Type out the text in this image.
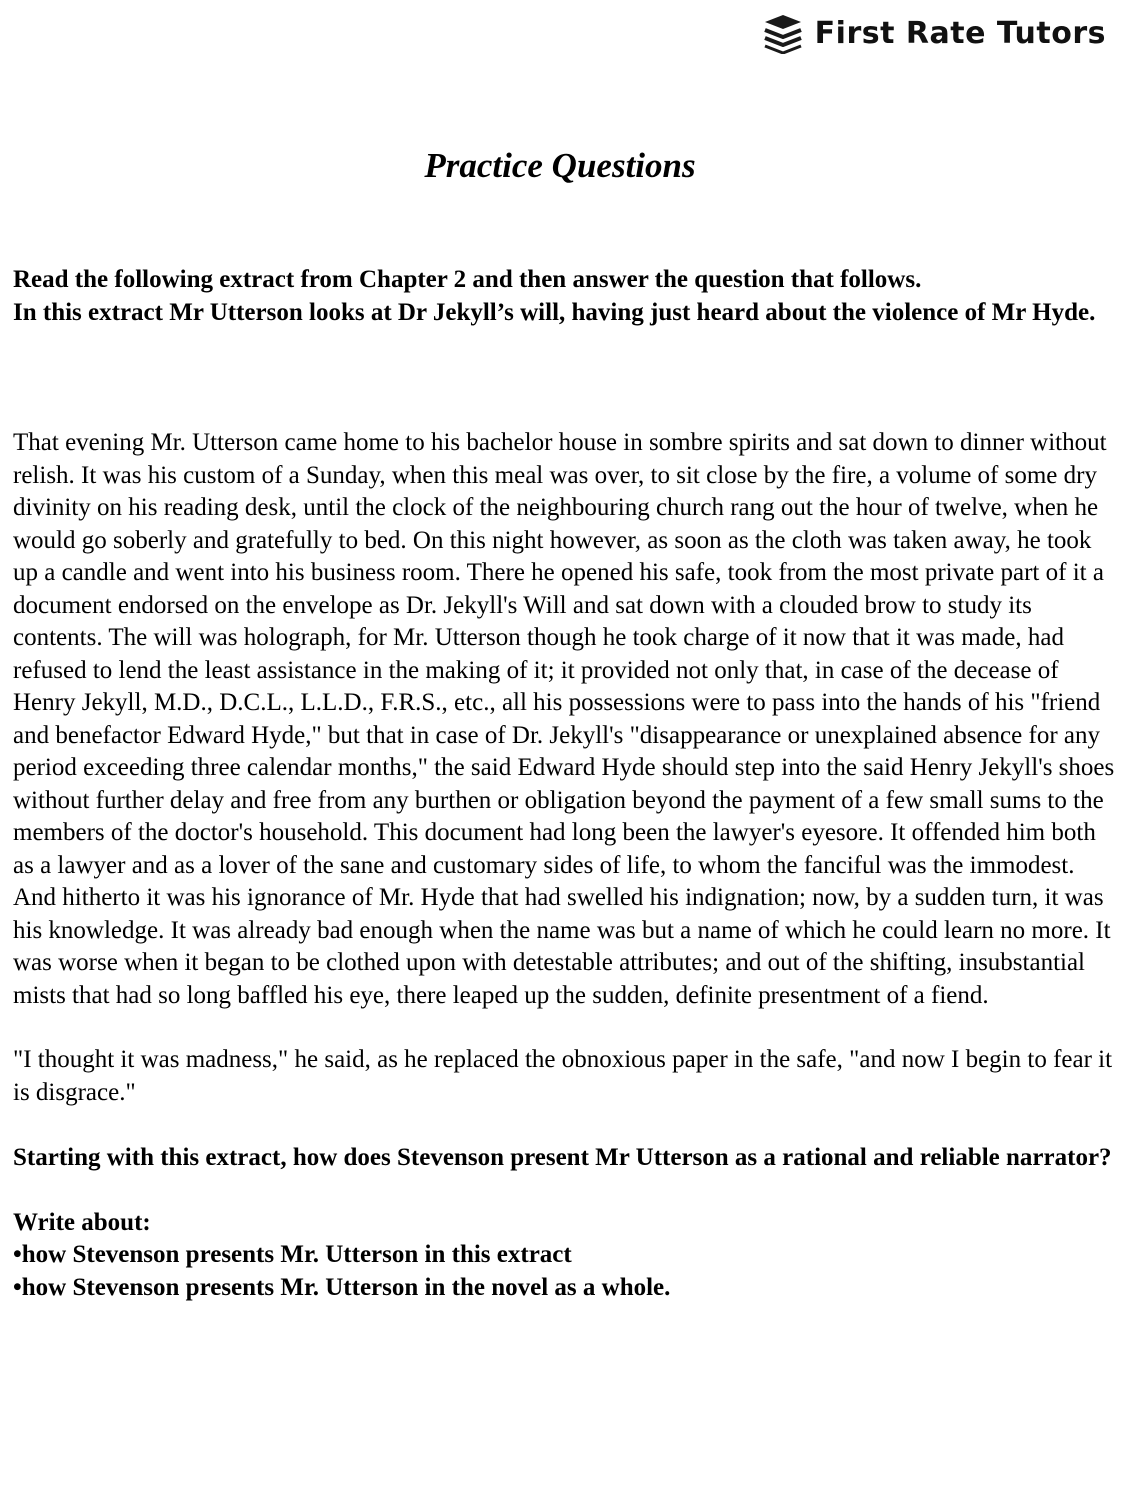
First Rate Tutors
Practice Questions

Read the following extract from Chapter 2 and then answer the question that follows.
In this extract Mr Utterson looks at Dr Jekyll’s will, having just heard about the violence of Mr Hyde.

That evening Mr. Utterson came home to his bachelor house in sombre spirits and sat down to dinner without relish. It was his custom of a Sunday, when this meal was over, to sit close by the fire, a volume of some dry divinity on his reading desk, until the clock of the neighbouring church rang out the hour of twelve, when he would go soberly and gratefully to bed. On this night however, as soon as the cloth was taken away, he took up a candle and went into his business room. There he opened his safe, took from the most private part of it a document endorsed on the envelope as Dr. Jekyll's Will and sat down with a clouded brow to study its contents. The will was holograph, for Mr. Utterson though he took charge of it now that it was made, had refused to lend the least assistance in the making of it; it provided not only that, in case of the decease of Henry Jekyll, M.D., D.C.L., L.L.D., F.R.S., etc., all his possessions were to pass into the hands of his "friend and benefactor Edward Hyde," but that in case of Dr. Jekyll's "disappearance or unexplained absence for any period exceeding three calendar months," the said Edward Hyde should step into the said Henry Jekyll's shoes without further delay and free from any burthen or obligation beyond the payment of a few small sums to the members of the doctor's household. This document had long been the lawyer's eyesore. It offended him both as a lawyer and as a lover of the sane and customary sides of life, to whom the fanciful was the immodest. And hitherto it was his ignorance of Mr. Hyde that had swelled his indignation; now, by a sudden turn, it was his knowledge. It was already bad enough when the name was but a name of which he could learn no more. It was worse when it began to be clothed upon with detestable attributes; and out of the shifting, insubstantial mists that had so long baffled his eye, there leaped up the sudden, definite presentment of a fiend.

"I thought it was madness," he said, as he replaced the obnoxious paper in the safe, "and now I begin to fear it is disgrace."

Starting with this extract, how does Stevenson present Mr Utterson as a rational and reliable narrator?

Write about:

• how Stevenson presents Mr. Utterson in this extract
• how Stevenson presents Mr. Utterson in the novel as a whole.
